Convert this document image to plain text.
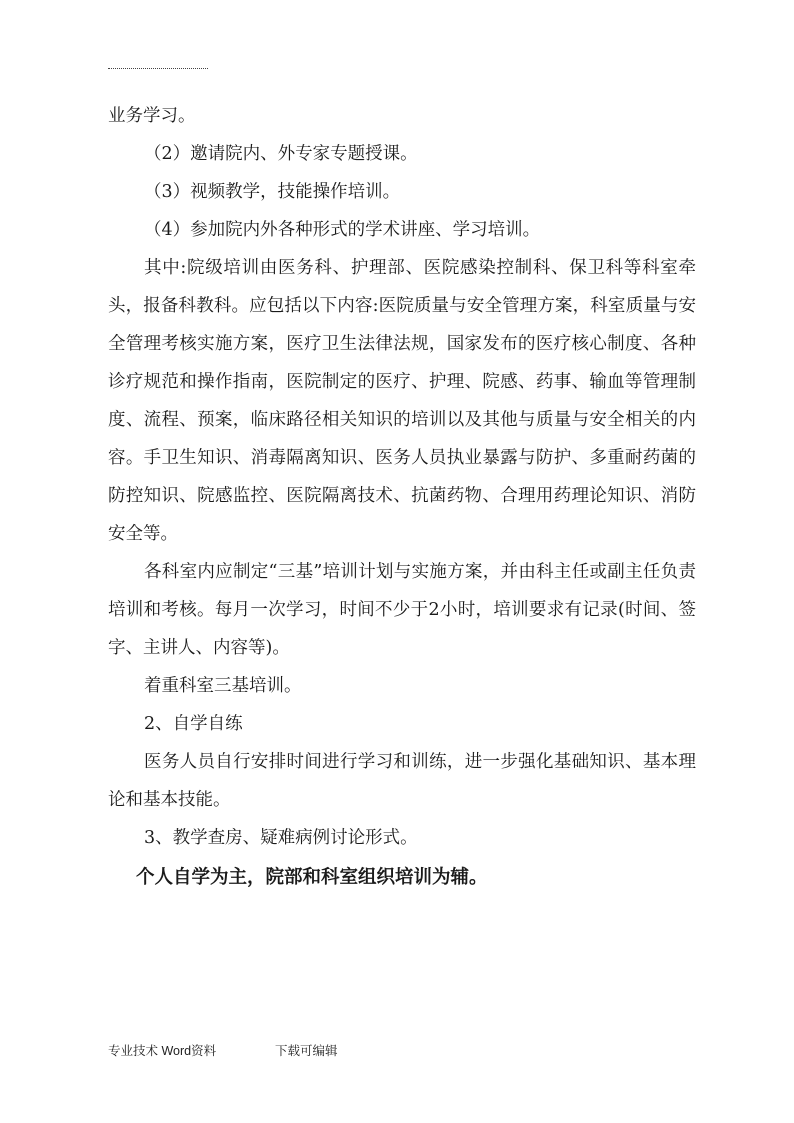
业务学习。

（2）邀请院内、外专家专题授课。

（3）视频教学，技能操作培训。

（4）参加院内外各种形式的学术讲座、学习培训。

其中:院级培训由医务科、护理部、医院感染控制科、保卫科等科室牵头，报备科教科。应包括以下内容:医院质量与安全管理方案，科室质量与安全管理考核实施方案，医疗卫生法律法规，国家发布的医疗核心制度、各种诊疗规范和操作指南，医院制定的医疗、护理、院感、药事、输血等管理制度、流程、预案，临床路径相关知识的培训以及其他与质量与安全相关的内容。手卫生知识、消毒隔离知识、医务人员执业暴露与防护、多重耐药菌的防控知识、院感监控、医院隔离技术、抗菌药物、合理用药理论知识、消防安全等。

各科室内应制定“三基”培训计划与实施方案，并由科主任或副主任负责培训和考核。每月一次学习，时间不少于2小时，培训要求有记录(时间、签字、主讲人、内容等)。

着重科室三基培训。

2、自学自练

医务人员自行安排时间进行学习和训练，进一步强化基础知识、基本理论和基本技能。

3、教学查房、疑难病例讨论形式。

个人自学为主，院部和科室组织培训为辅。

专业技术 Word资料	下载可编辑
